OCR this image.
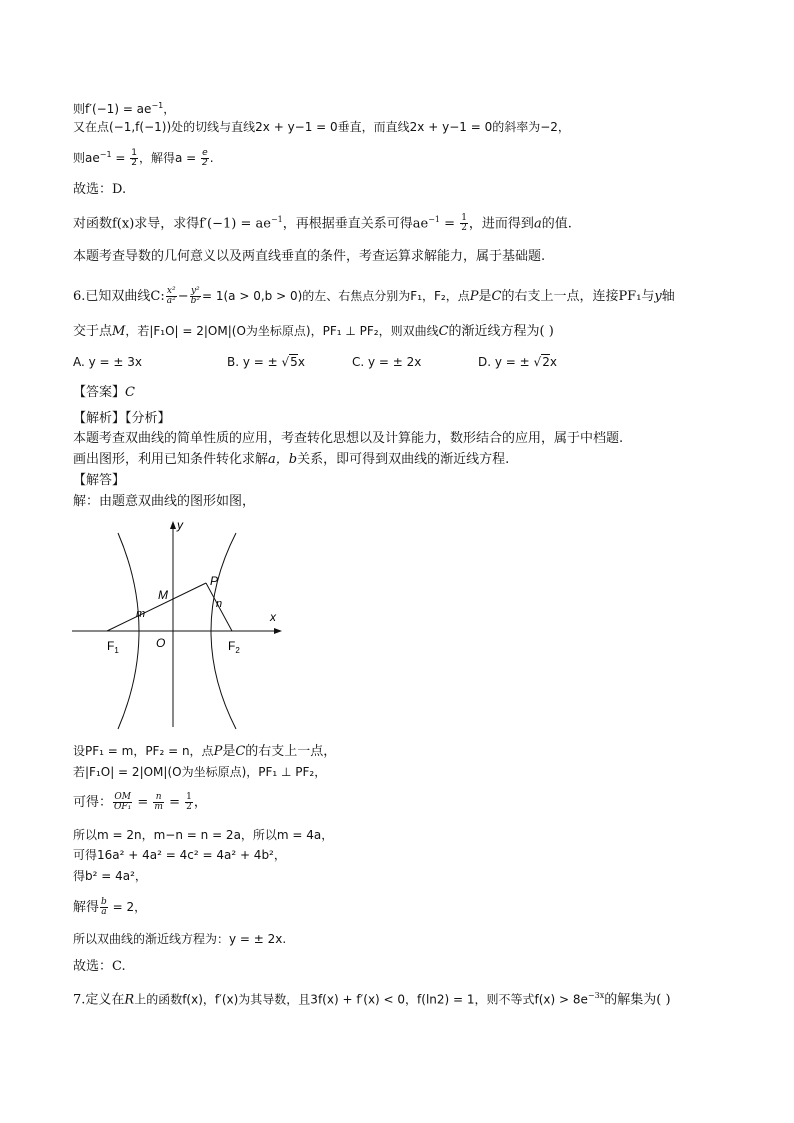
则$f'(-1) = ae^{-1}$，
又在点(−1,f(−1))处的切线与直线2x + y−1 = 0垂直，而直线2x + y−1 = 0的斜率为−2，
则$ae^{-1} = \frac{1}{2}$ ，解得$a = \frac{e}{2}$ .
故选：D.
对函数f(x)求导，求得$f'(-1) = ae^{-1}$，再根据垂直关系可得$ae^{-1} = \frac{1}{2}$ ，进而得到a的值.
本题考查导数的几何意义以及两直线垂直的条件，考查运算求解能力，属于基础题.
6.已知双曲线C: $\frac{\text{x²}}{\text{a²}} - \frac{\text{y²}}{\text{b²}} = 1(a > 0,b > 0)$的左、右焦点分别为F₁，F₂，点P是C的右支上一点，连接PF₁与y轴
交于点M，若|F₁O| = 2|OM|(O为坐标原点)，PF₁ ⊥ PF₂，则双曲线C的渐近线方程为( )
A. y = ± 3x	B. y = ± √5x	C. y = ± 2x	D. y = ± √2x
【答案】C
【解析】【分析】
本题考查双曲线的简单性质的应用，考查转化思想以及计算能力，数形结合的应用，属于中档题.
画出图形，利用已知条件转化求解a，b关系，即可得到双曲线的渐近线方程.
【解答】
解：由题意双曲线的图形如图，
y
x
P
M
m
n
O
$F_1$	$F_2$
设PF₁ = m，PF₂ = n，点P是C的右支上一点，
若|F₁O| = 2|OM|(O为坐标原点)，PF₁ ⊥ PF₂，
可得： $\frac{OM}{\text{OF₁}} = \frac{n}{m} = \frac{1}{2}$ ，
所以m = 2n，m−n = n = 2a，所以m = 4a，
可得16a² + 4a² = 4c² = 4a² + 4b²，
得b² = 4a²，
解得 $\frac{b}{a} = 2$，
所以双曲线的渐近线方程为：y = ± 2x.
故选：C.
7.定义在R上的函数f(x)，f′(x)为其导数，且3f(x) + f′(x) < 0，f(ln2) = 1，则不等式$f(x) > 8e^{-3x}$的解集为( )
